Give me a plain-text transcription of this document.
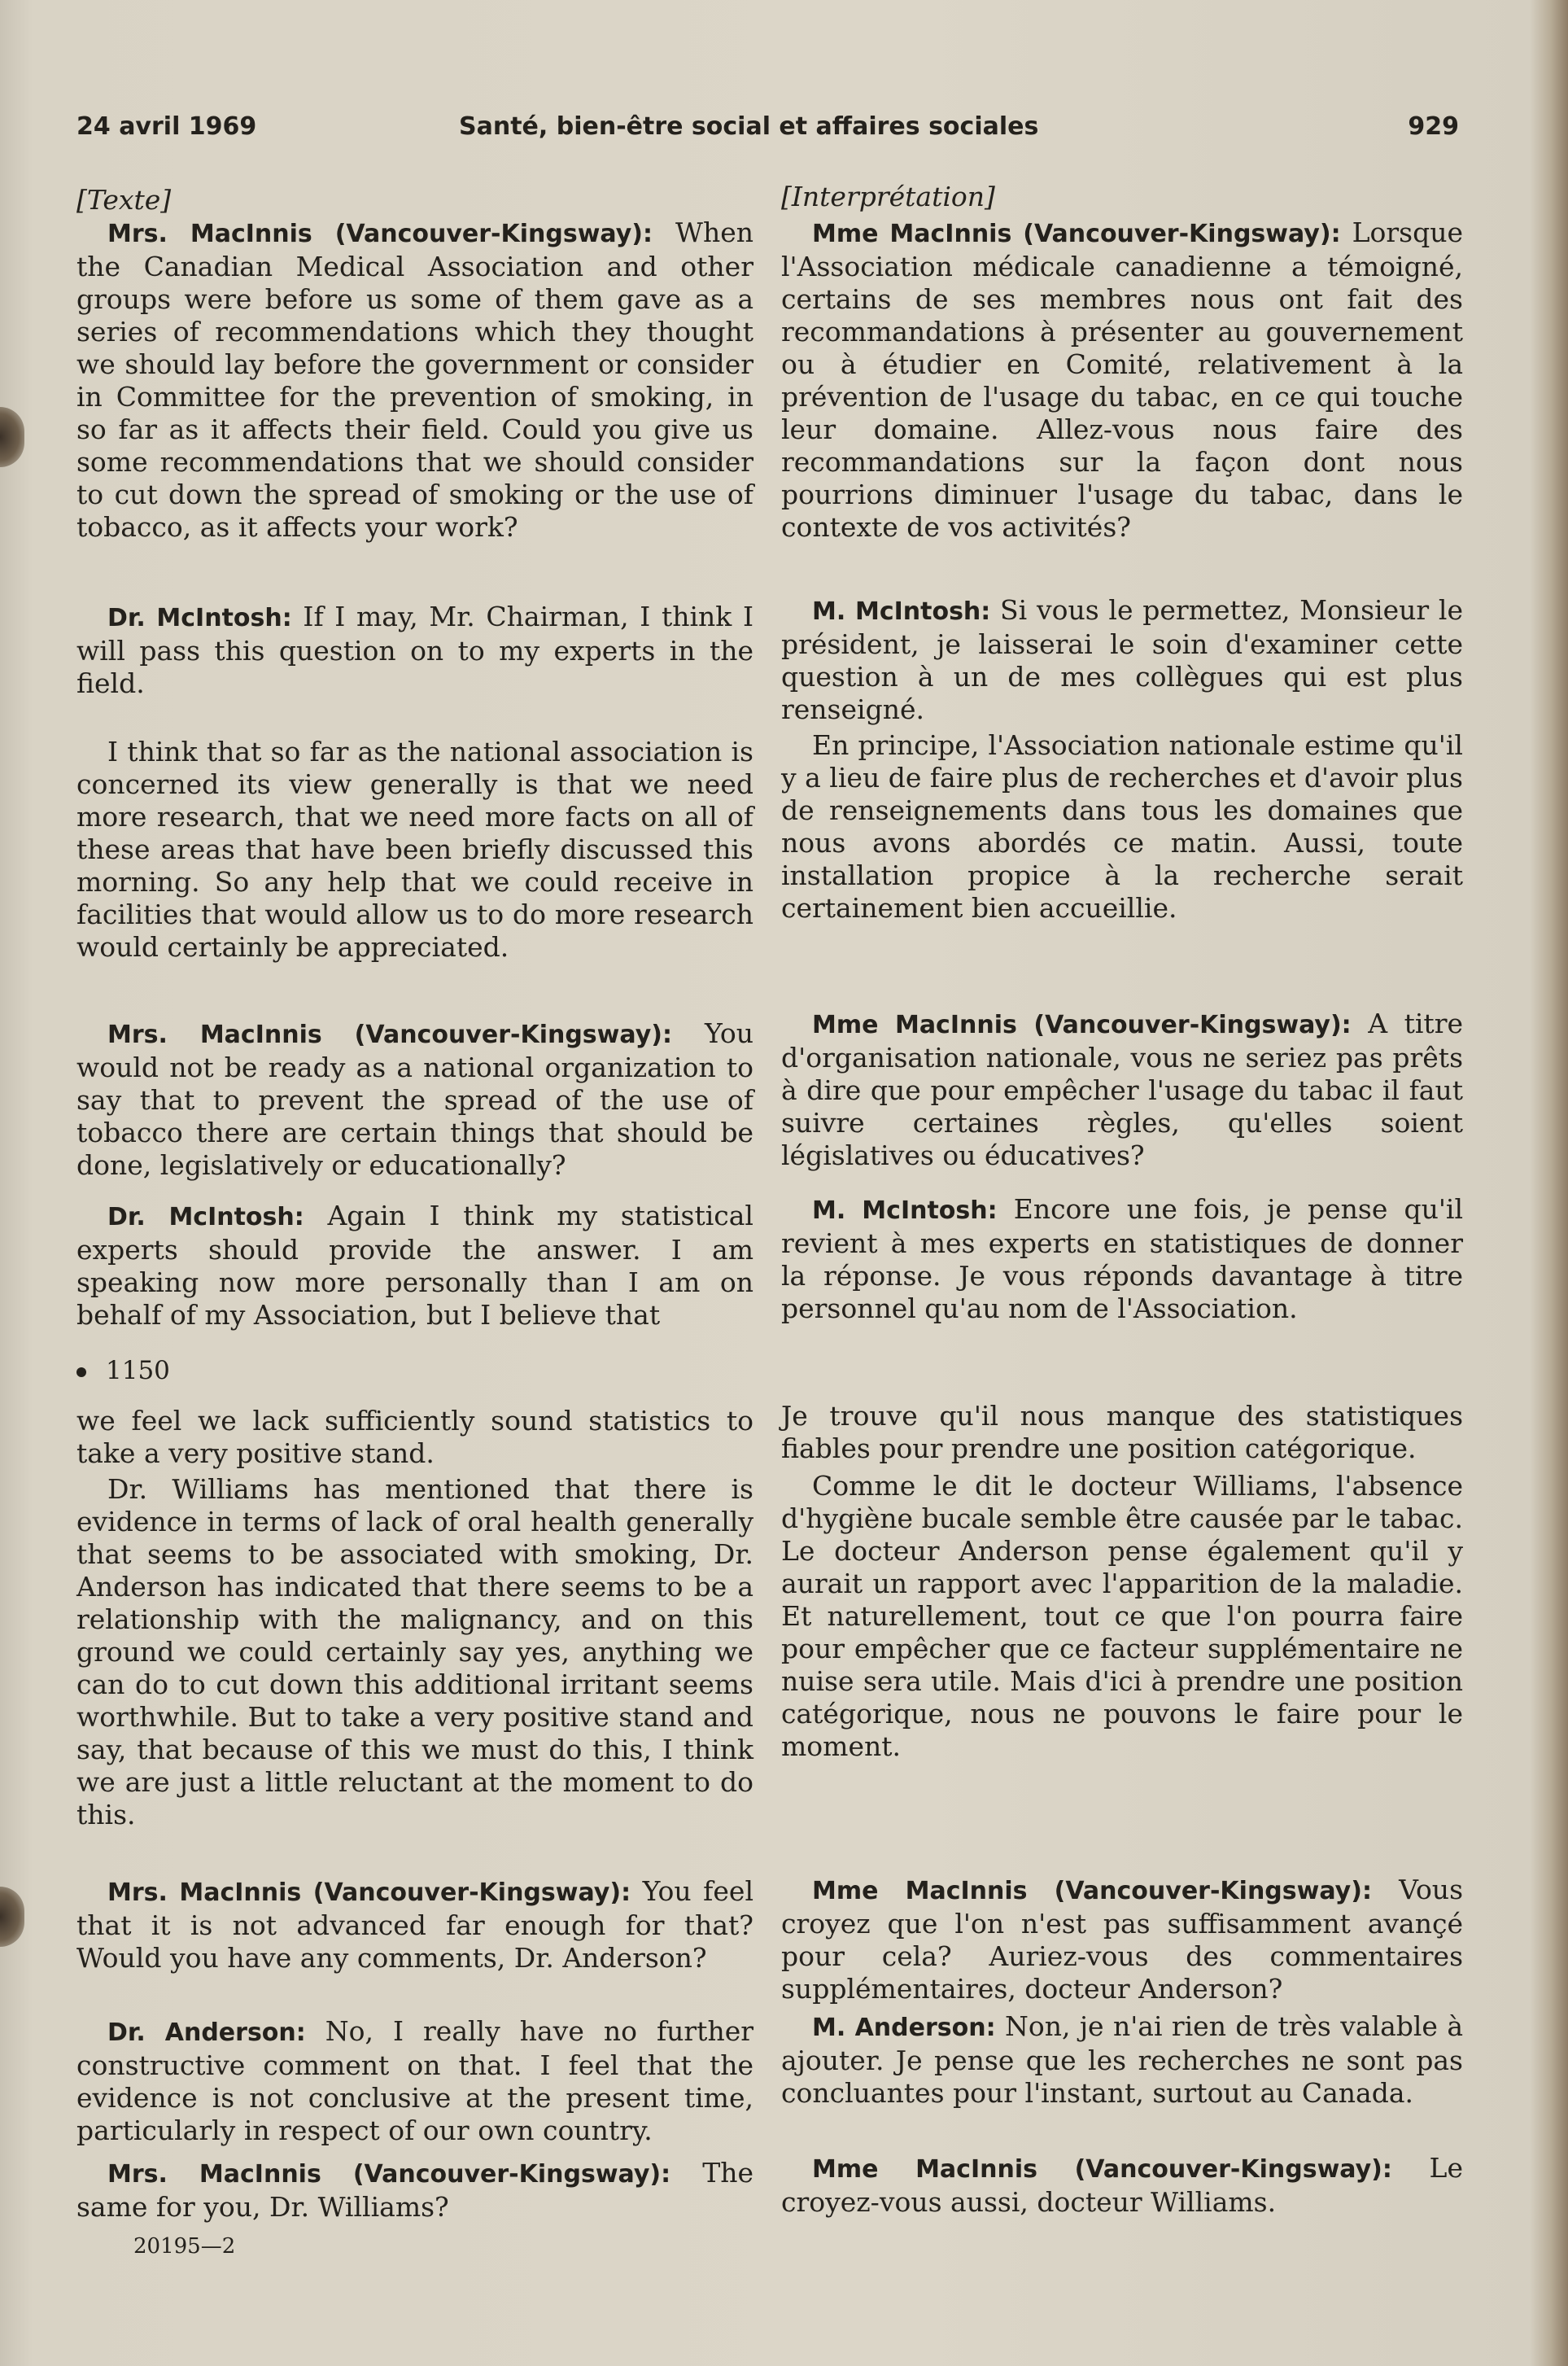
24 avril 1969	Santé, bien-être social et affaires sociales	929

[Texte]

Mrs. MacInnis (Vancouver-Kingsway): When the Canadian Medical Association and other groups were before us some of them gave as a series of recommendations which they thought we should lay before the government or consider in Committee for the prevention of smoking, in so far as it affects their field. Could you give us some recommendations that we should consider to cut down the spread of smoking or the use of tobacco, as it affects your work?

Dr. McIntosh: If I may, Mr. Chairman, I think I will pass this question on to my experts in the field.

I think that so far as the national association is concerned its view generally is that we need more research, that we need more facts on all of these areas that have been briefly discussed this morning. So any help that we could receive in facilities that would allow us to do more research would certainly be appreciated.

Mrs. MacInnis (Vancouver-Kingsway): You would not be ready as a national organization to say that to prevent the spread of the use of tobacco there are certain things that should be done, legislatively or educationally?

Dr. McIntosh: Again I think my statistical experts should provide the answer. I am speaking now more personally than I am on behalf of my Association, but I believe that

1150

we feel we lack sufficiently sound statistics to take a very positive stand.

Dr. Williams has mentioned that there is evidence in terms of lack of oral health generally that seems to be associated with smoking, Dr. Anderson has indicated that there seems to be a relationship with the malignancy, and on this ground we could certainly say yes, anything we can do to cut down this additional irritant seems worthwhile. But to take a very positive stand and say, that because of this we must do this, I think we are just a little reluctant at the moment to do this.

Mrs. MacInnis (Vancouver-Kingsway): You feel that it is not advanced far enough for that? Would you have any comments, Dr. Anderson?

Dr. Anderson: No, I really have no further constructive comment on that. I feel that the evidence is not conclusive at the present time, particularly in respect of our own country.

Mrs. MacInnis (Vancouver-Kingsway): The same for you, Dr. Williams?

20195—2

[Interprétation]

Mme MacInnis (Vancouver-Kingsway): Lorsque l'Association médicale canadienne a témoigné, certains de ses membres nous ont fait des recommandations à présenter au gouvernement ou à étudier en Comité, relativement à la prévention de l'usage du tabac, en ce qui touche leur domaine. Allez-vous nous faire des recommandations sur la façon dont nous pourrions diminuer l'usage du tabac, dans le contexte de vos activités?

M. McIntosh: Si vous le permettez, Monsieur le président, je laisserai le soin d'examiner cette question à un de mes collègues qui est plus renseigné.

En principe, l'Association nationale estime qu'il y a lieu de faire plus de recherches et d'avoir plus de renseignements dans tous les domaines que nous avons abordés ce matin. Aussi, toute installation propice à la recherche serait certainement bien accueillie.

Mme MacInnis (Vancouver-Kingsway): A titre d'organisation nationale, vous ne seriez pas prêts à dire que pour empêcher l'usage du tabac il faut suivre certaines règles, qu'elles soient législatives ou éducatives?

M. McIntosh: Encore une fois, je pense qu'il revient à mes experts en statistiques de donner la réponse. Je vous réponds davantage à titre personnel qu'au nom de l'Association.

Je trouve qu'il nous manque des statistiques fiables pour prendre une position catégorique.

Comme le dit le docteur Williams, l'absence d'hygiène bucale semble être causée par le tabac. Le docteur Anderson pense également qu'il y aurait un rapport avec l'apparition de la maladie. Et naturellement, tout ce que l'on pourra faire pour empêcher que ce facteur supplémentaire ne nuise sera utile. Mais d'ici à prendre une position catégorique, nous ne pouvons le faire pour le moment.

Mme MacInnis (Vancouver-Kingsway): Vous croyez que l'on n'est pas suffisamment avançé pour cela? Auriez-vous des commentaires supplémentaires, docteur Anderson?

M. Anderson: Non, je n'ai rien de très valable à ajouter. Je pense que les recherches ne sont pas concluantes pour l'instant, surtout au Canada.

Mme MacInnis (Vancouver-Kingsway): Le croyez-vous aussi, docteur Williams.
